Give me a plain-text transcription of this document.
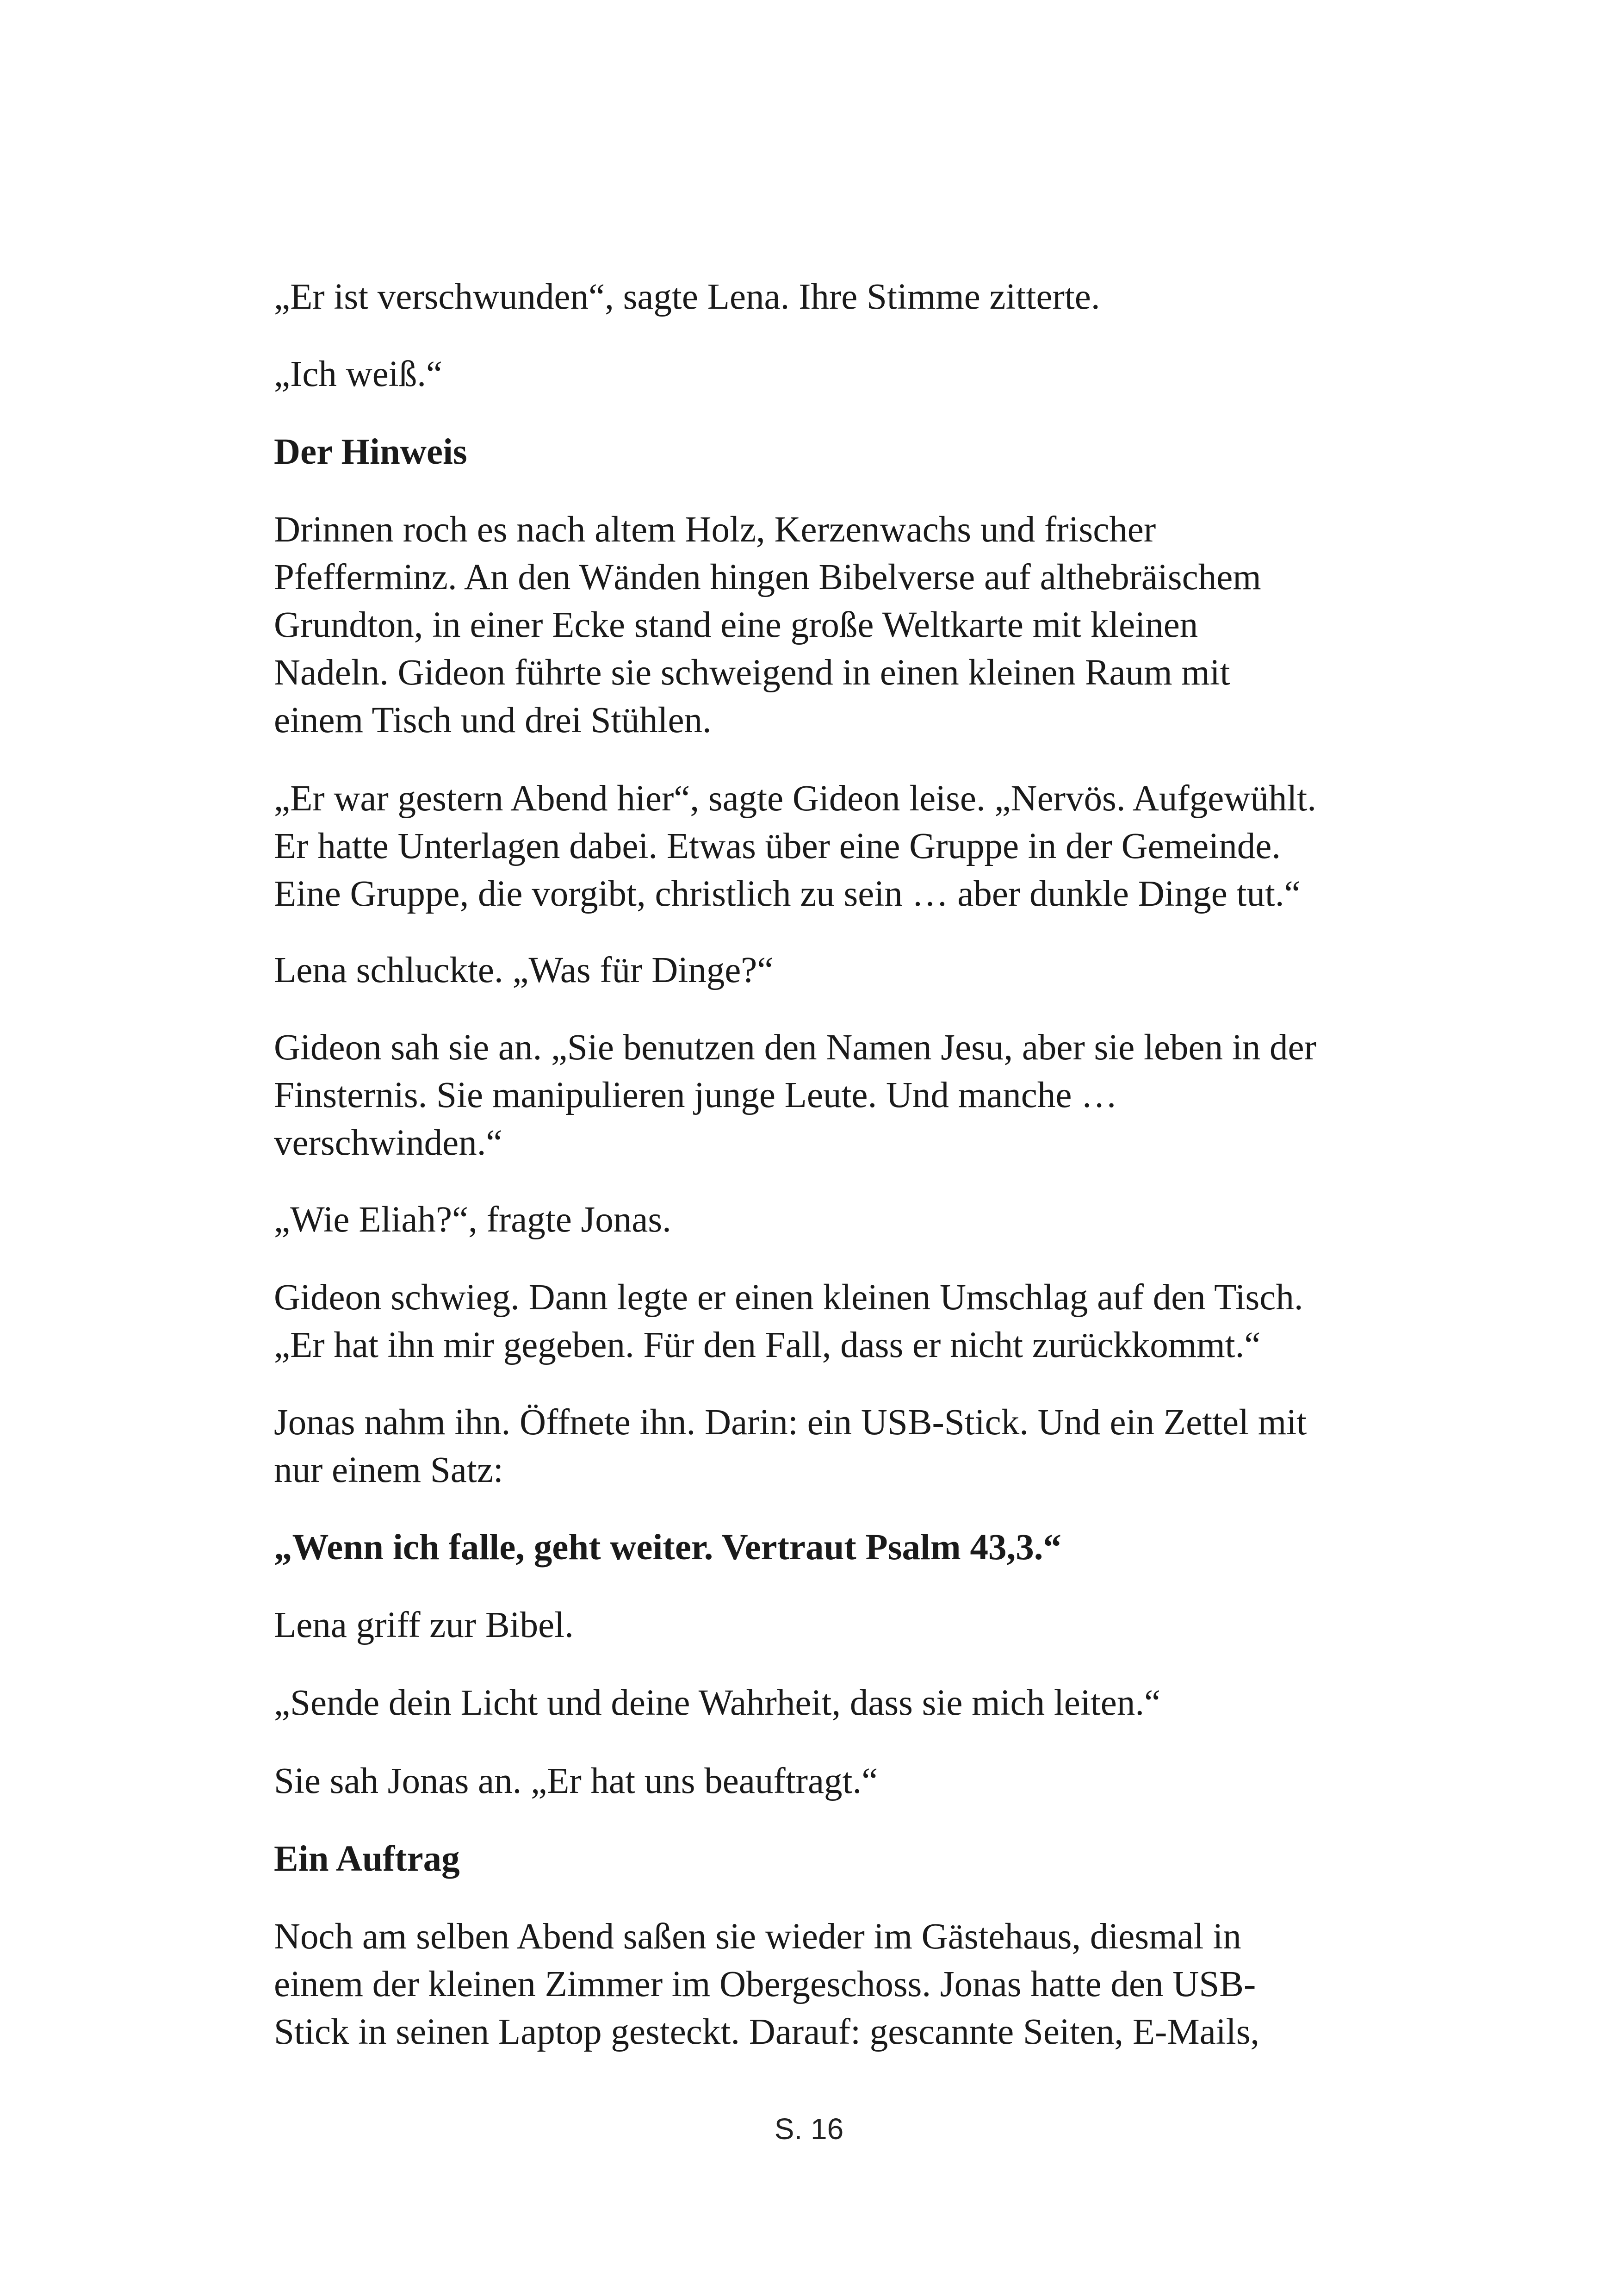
„Er ist verschwunden“, sagte Lena. Ihre Stimme zitterte.

„Ich weiß.“

Der Hinweis

Drinnen roch es nach altem Holz, Kerzenwachs und frischer
Pfefferminz. An den Wänden hingen Bibelverse auf althebräischem
Grundton, in einer Ecke stand eine große Weltkarte mit kleinen
Nadeln. Gideon führte sie schweigend in einen kleinen Raum mit
einem Tisch und drei Stühlen.

„Er war gestern Abend hier“, sagte Gideon leise. „Nervös. Aufgewühlt.
Er hatte Unterlagen dabei. Etwas über eine Gruppe in der Gemeinde.
Eine Gruppe, die vorgibt, christlich zu sein … aber dunkle Dinge tut.“

Lena schluckte. „Was für Dinge?“

Gideon sah sie an. „Sie benutzen den Namen Jesu, aber sie leben in der
Finsternis. Sie manipulieren junge Leute. Und manche …
verschwinden.“

„Wie Eliah?“, fragte Jonas.

Gideon schwieg. Dann legte er einen kleinen Umschlag auf den Tisch.
„Er hat ihn mir gegeben. Für den Fall, dass er nicht zurückkommt.“

Jonas nahm ihn. Öffnete ihn. Darin: ein USB-Stick. Und ein Zettel mit
nur einem Satz:

„Wenn ich falle, geht weiter. Vertraut Psalm 43,3.“

Lena griff zur Bibel.

„Sende dein Licht und deine Wahrheit, dass sie mich leiten.“

Sie sah Jonas an. „Er hat uns beauftragt.“

Ein Auftrag

Noch am selben Abend saßen sie wieder im Gästehaus, diesmal in
einem der kleinen Zimmer im Obergeschoss. Jonas hatte den USB-
Stick in seinen Laptop gesteckt. Darauf: gescannte Seiten, E-Mails,

S. 16
